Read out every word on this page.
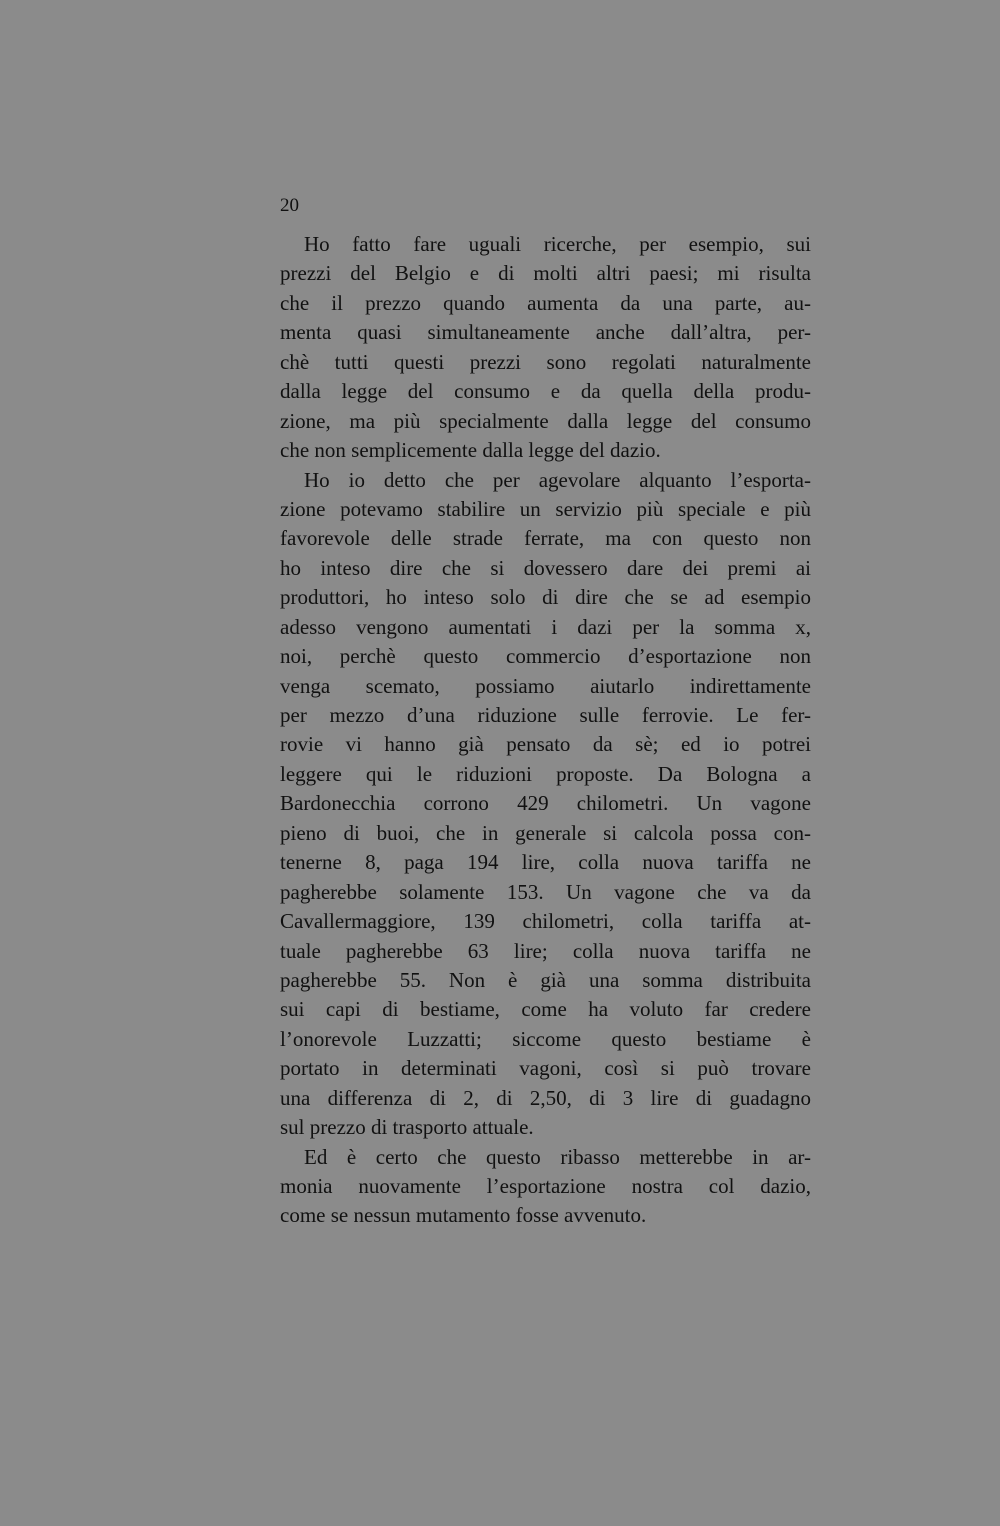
20
Ho fatto fare uguali ricerche, per esempio, sui
prezzi del Belgio e di molti altri paesi; mi risulta
che il prezzo quando aumenta da una parte, au-
menta quasi simultaneamente anche dall’altra, per-
chè tutti questi prezzi sono regolati naturalmente
dalla legge del consumo e da quella della produ-
zione, ma più specialmente dalla legge del consumo
che non semplicemente dalla legge del dazio.
Ho io detto che per agevolare alquanto l’esporta-
zione potevamo stabilire un servizio più speciale e più
favorevole delle strade ferrate, ma con questo non
ho inteso dire che si dovessero dare dei premi ai
produttori, ho inteso solo di dire che se ad esempio
adesso vengono aumentati i dazi per la somma x,
noi, perchè questo commercio d’esportazione non
venga scemato, possiamo aiutarlo indirettamente
per mezzo d’una riduzione sulle ferrovie. Le fer-
rovie vi hanno già pensato da sè; ed io potrei
leggere qui le riduzioni proposte. Da Bologna a
Bardonecchia corrono 429 chilometri. Un vagone
pieno di buoi, che in generale si calcola possa con-
tenerne 8, paga 194 lire, colla nuova tariffa ne
pagherebbe solamente 153. Un vagone che va da
Cavallermaggiore, 139 chilometri, colla tariffa at-
tuale pagherebbe 63 lire; colla nuova tariffa ne
pagherebbe 55. Non è già una somma distribuita
sui capi di bestiame, come ha voluto far credere
l’onorevole Luzzatti; siccome questo bestiame è
portato in determinati vagoni, così si può trovare
una differenza di 2, di 2,50, di 3 lire di guadagno
sul prezzo di trasporto attuale.
Ed è certo che questo ribasso metterebbe in ar-
monia nuovamente l’esportazione nostra col dazio,
come se nessun mutamento fosse avvenuto.
